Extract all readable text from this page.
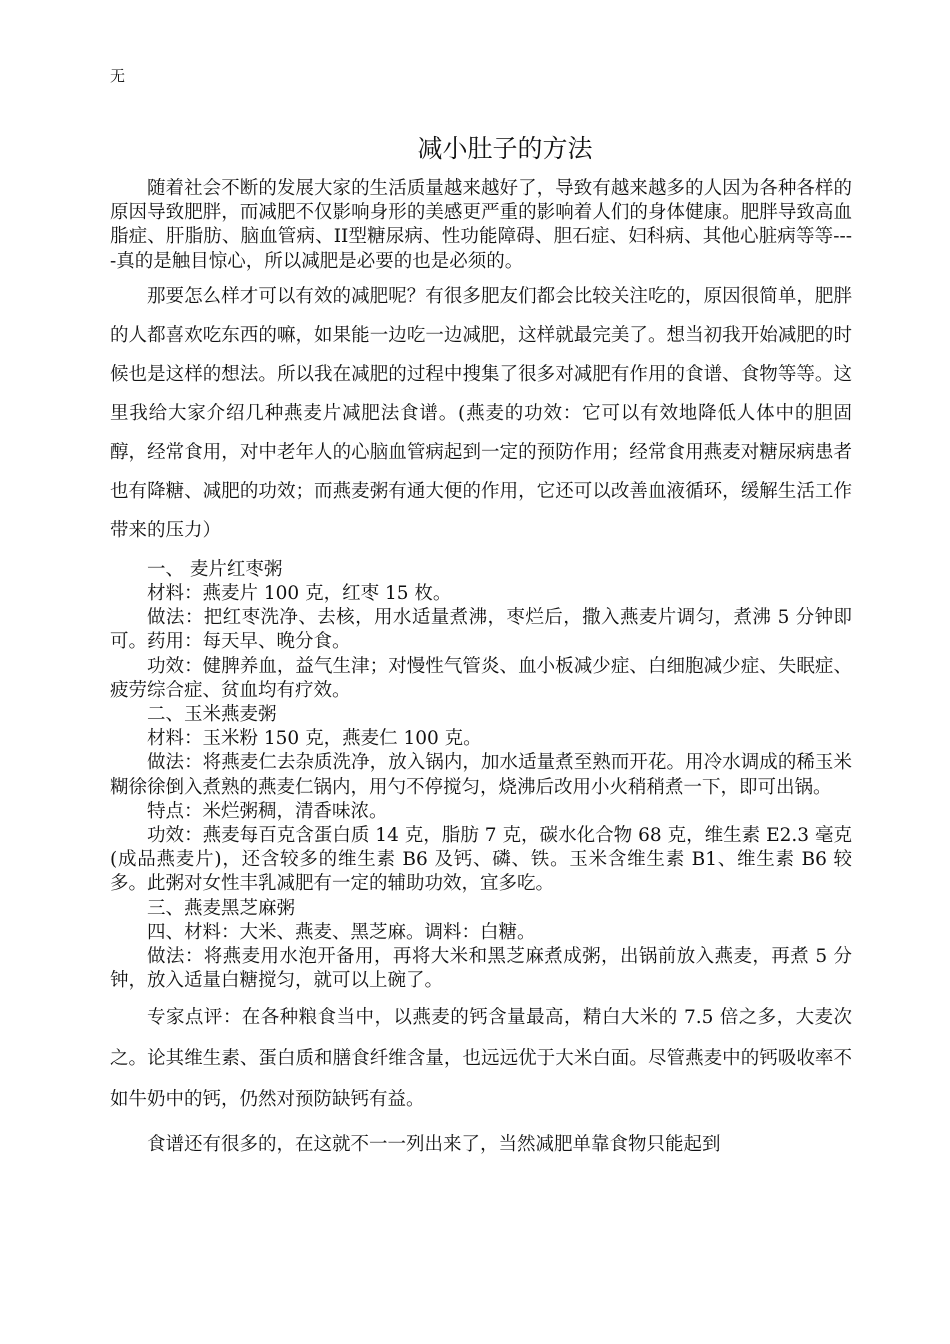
无
减小肚子的方法

随着社会不断的发展大家的生活质量越来越好了，导致有越来越多的人因为各种各样的原因导致肥胖，而减肥不仅影响身形的美感更严重的影响着人们的身体健康。肥胖导致高血脂症、肝脂肪、脑血管病、II型糖尿病、性功能障碍、胆石症、妇科病、其他心脏病等等----真的是触目惊心，所以减肥是必要的也是必须的。

那要怎么样才可以有效的减肥呢？有很多肥友们都会比较关注吃的，原因很简单，肥胖的人都喜欢吃东西的嘛，如果能一边吃一边减肥，这样就最完美了。想当初我开始减肥的时候也是这样的想法。所以我在减肥的过程中搜集了很多对减肥有作用的食谱、食物等等。这里我给大家介绍几种燕麦片减肥法食谱。(燕麦的功效：它可以有效地降低人体中的胆固醇，经常食用，对中老年人的心脑血管病起到一定的预防作用；经常食用燕麦对糖尿病患者也有降糖、减肥的功效；而燕麦粥有通大便的作用，它还可以改善血液循环，缓解生活工作带来的压力）

一、 麦片红枣粥

材料：燕麦片 100 克，红枣 15 枚。

做法：把红枣洗净、去核，用水适量煮沸，枣烂后，撒入燕麦片调匀，煮沸 5 分钟即可。药用：每天早、晚分食。

功效：健脾养血，益气生津；对慢性气管炎、血小板减少症、白细胞减少症、失眠症、疲劳综合症、贫血均有疗效。

二、玉米燕麦粥

材料：玉米粉 150 克，燕麦仁 100 克。

做法：将燕麦仁去杂质洗净，放入锅内，加水适量煮至熟而开花。用冷水调成的稀玉米糊徐徐倒入煮熟的燕麦仁锅内，用勺不停搅匀，烧沸后改用小火稍稍煮一下，即可出锅。

特点：米烂粥稠，清香味浓。

功效：燕麦每百克含蛋白质 14 克，脂肪 7 克，碳水化合物 68 克，维生素 E2.3 毫克(成品燕麦片)，还含较多的维生素 B6 及钙、磷、铁。玉米含维生素 B1、维生素 B6 较多。此粥对女性丰乳减肥有一定的辅助功效，宜多吃。

三、燕麦黑芝麻粥

四、材料：大米、燕麦、黑芝麻。调料：白糖。

做法：将燕麦用水泡开备用，再将大米和黑芝麻煮成粥，出锅前放入燕麦，再煮 5 分钟，放入适量白糖搅匀，就可以上碗了。

专家点评：在各种粮食当中，以燕麦的钙含量最高，精白大米的 7.5 倍之多，大麦次之。论其维生素、蛋白质和膳食纤维含量，也远远优于大米白面。尽管燕麦中的钙吸收率不如牛奶中的钙，仍然对预防缺钙有益。

食谱还有很多的，在这就不一一列出来了，当然减肥单靠食物只能起到
